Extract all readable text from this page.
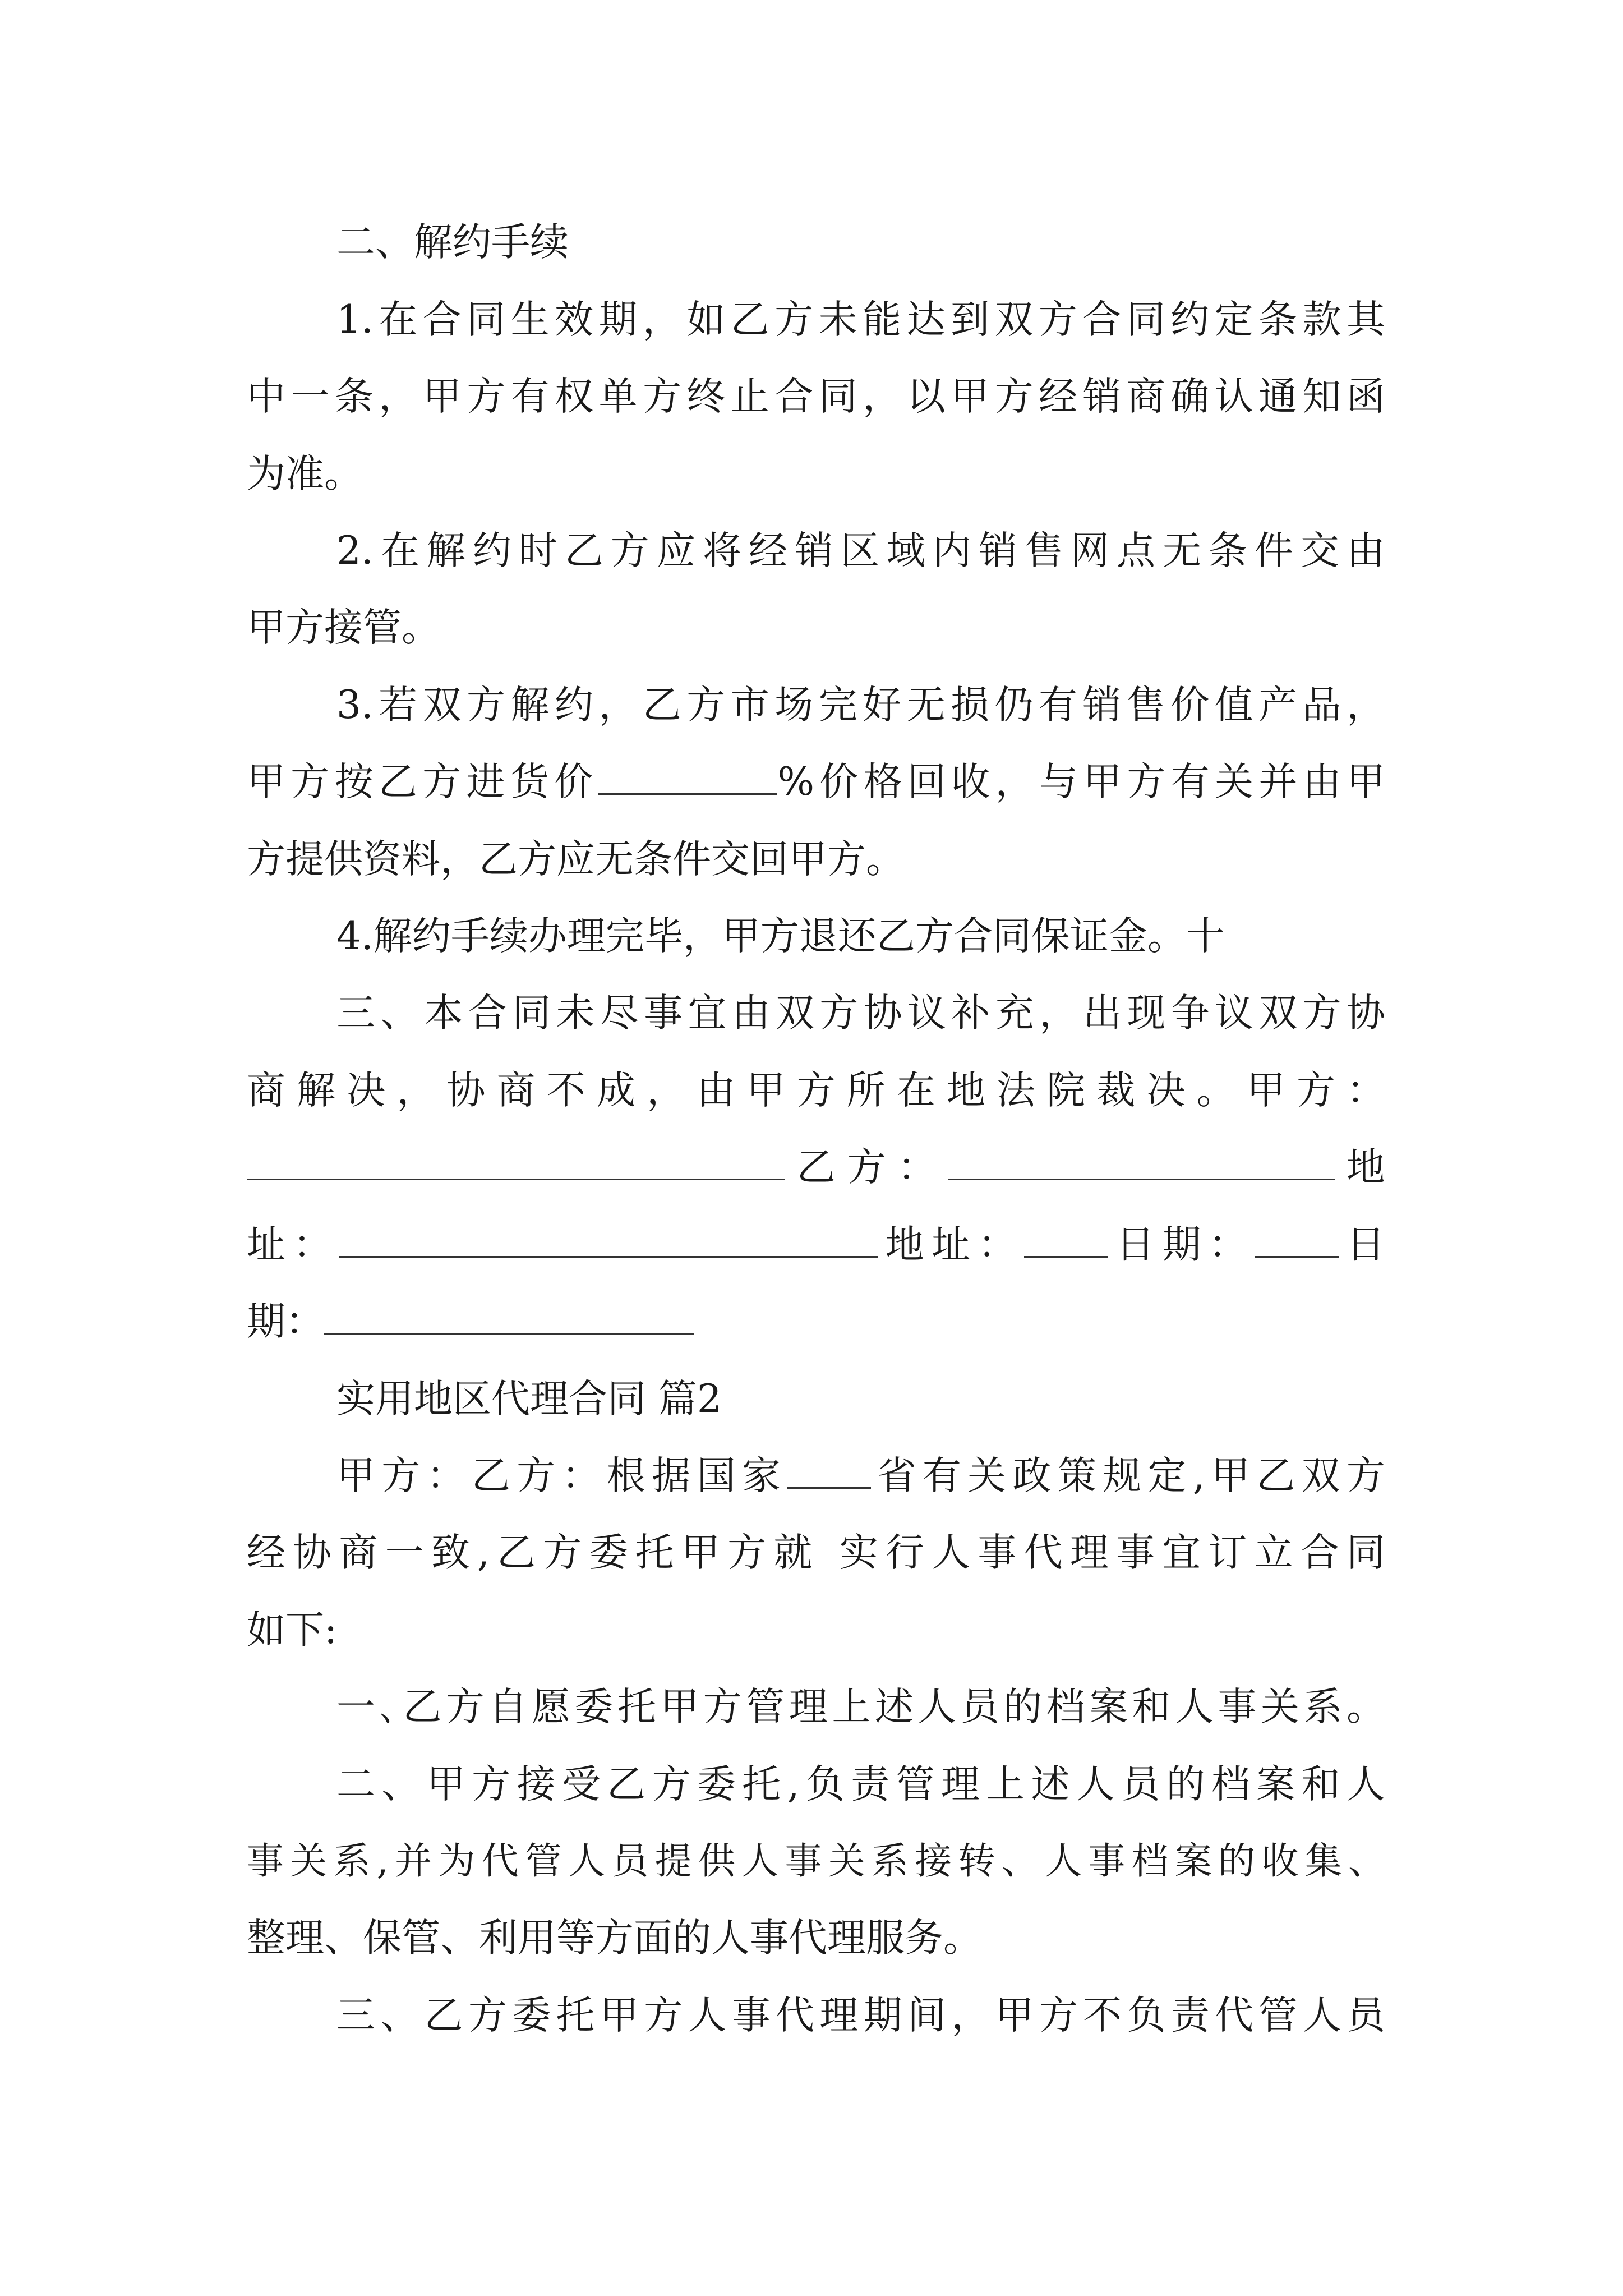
二、解约手续
1.在合同生效期，如乙方未能达到双方合同约定条款其
中一条，甲方有权单方终止合同，以甲方经销商确认通知函
为准。
2.在解约时乙方应将经销区域内销售网点无条件交由
甲方接管。
3.若双方解约，乙方市场完好无损仍有销售价值产品，
甲方按乙方进货价	%价格回收，与甲方有关并由甲
方提供资料，乙方应无条件交回甲方。
4.解约手续办理完毕，甲方退还乙方合同保证金。十
三、本合同未尽事宜由双方协议补充，出现争议双方协
商解决，协商不成，由甲方所在地法院裁决。甲方：
乙方：	地
址：	地址： 日期： 日
期：
实用地区代理合同 篇2
甲方：乙方：根据国家 省有关政策规定,甲乙双方
经协商一致,乙方委托甲方就 实行人事代理事宜订立合同
如下:
一､乙方自愿委托甲方管理上述人员的档案和人事关系。
二、甲方接受乙方委托,负责管理上述人员的档案和人
事关系,并为代管人员提供人事关系接转、人事档案的收集、
整理、保管、利用等方面的人事代理服务。
三、乙方委托甲方人事代理期间，甲方不负责代管人员
